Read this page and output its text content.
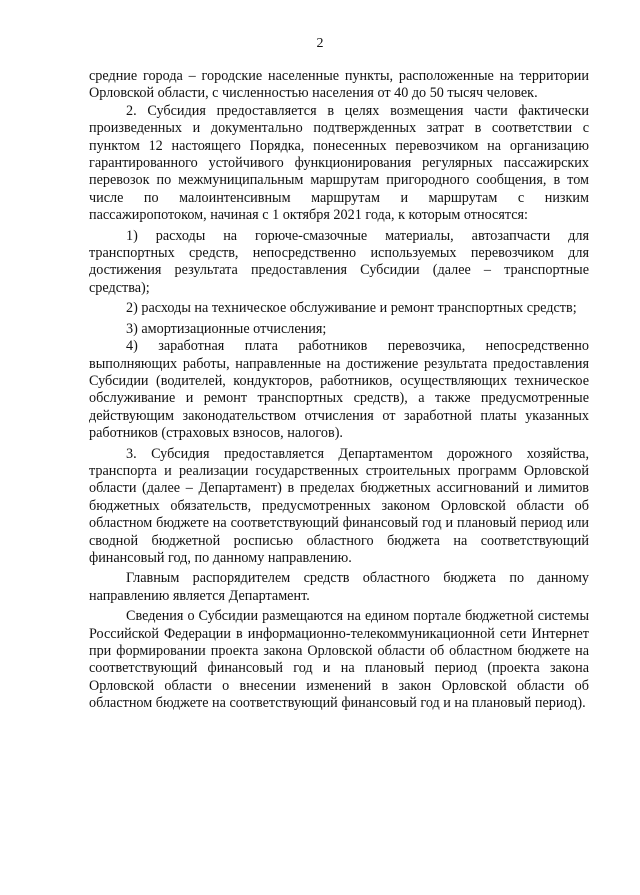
2

средние города – городские населенные пункты, расположенные на территории Орловской области, с численностью населения от 40 до 50 тысяч человек.

2. Субсидия предоставляется в целях возмещения части фактически произведенных и документально подтвержденных затрат в соответствии с пунктом 12 настоящего Порядка, понесенных перевозчиком на организацию гарантированного устойчивого функционирования регулярных пассажирских перевозок по межмуниципальным маршрутам пригородного сообщения, в том числе по малоинтенсивным маршрутам и маршрутам с низким пассажиропотоком, начиная с 1 октября 2021 года, к которым относятся:

1) расходы на горюче-смазочные материалы, автозапчасти для транспортных средств, непосредственно используемых перевозчиком для достижения результата предоставления Субсидии (далее – транспортные средства);

2) расходы на техническое обслуживание и ремонт транспортных средств;

3) амортизационные отчисления;

4) заработная плата работников перевозчика, непосредственно выполняющих работы, направленные на достижение результата предоставления Субсидии (водителей, кондукторов, работников, осуществляющих техническое обслуживание и ремонт транспортных средств), а также предусмотренные действующим законодательством отчисления от заработной платы указанных работников (страховых взносов, налогов).

3. Субсидия предоставляется Департаментом дорожного хозяйства, транспорта и реализации государственных строительных программ Орловской области (далее – Департамент) в пределах бюджетных ассигнований и лимитов бюджетных обязательств, предусмотренных законом Орловской области об областном бюджете на соответствующий финансовый год и плановый период или сводной бюджетной росписью областного бюджета на соответствующий финансовый год, по данному направлению.

Главным распорядителем средств областного бюджета по данному направлению является Департамент.

Сведения о Субсидии размещаются на едином портале бюджетной системы Российской Федерации в информационно-телекоммуникационной сети Интернет при формировании проекта закона Орловской области об областном бюджете на соответствующий финансовый год и на плановый период (проекта закона Орловской области о внесении изменений в закон Орловской области об областном бюджете на соответствующий финансовый год и на плановый период).
